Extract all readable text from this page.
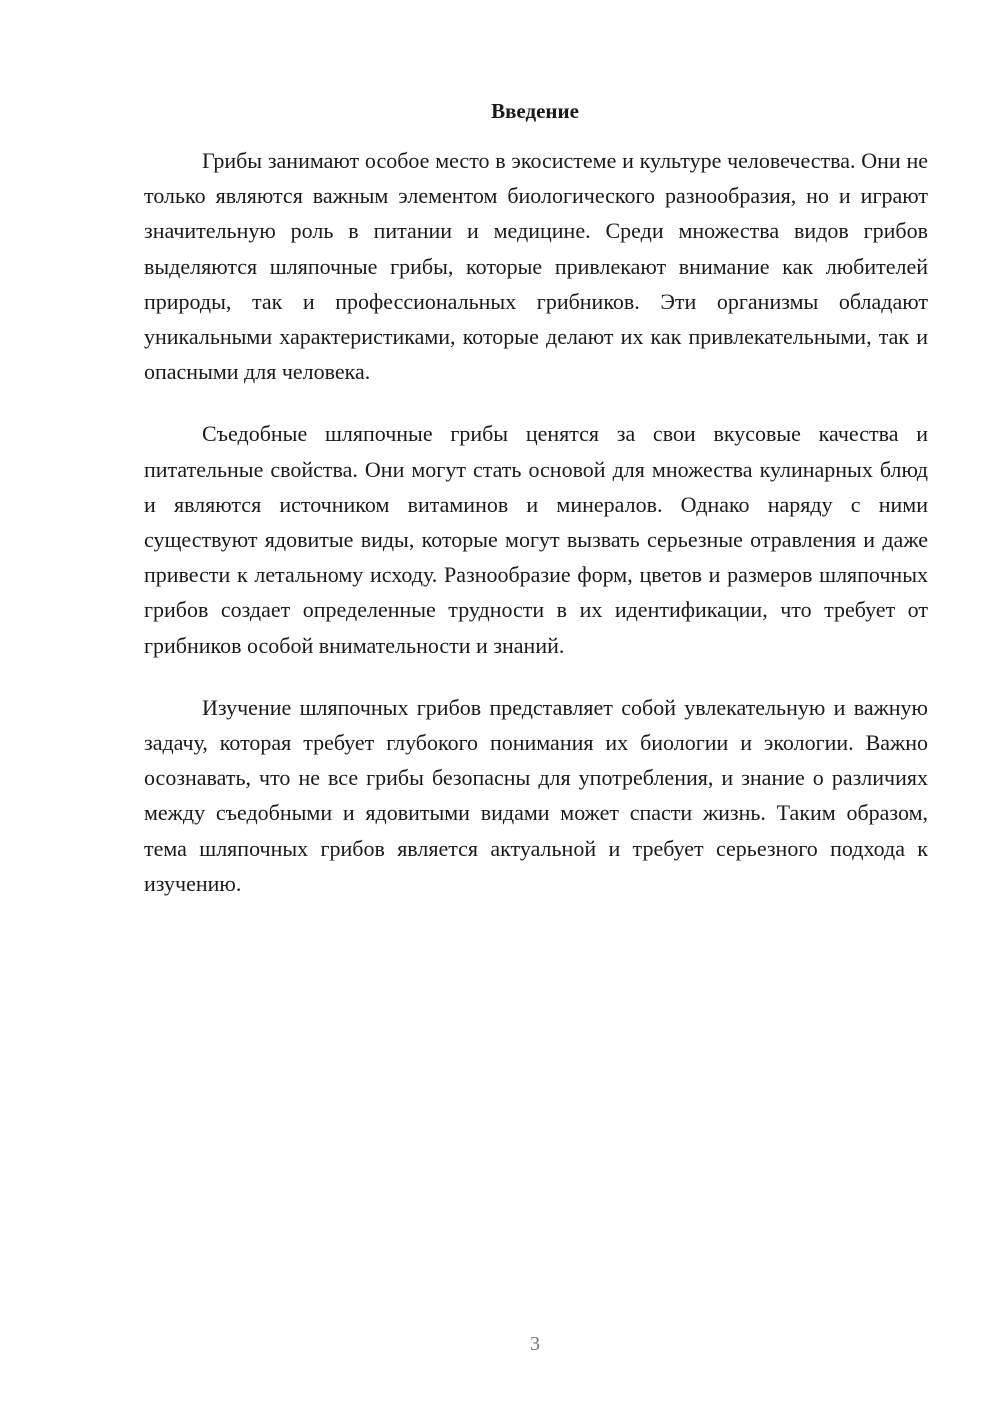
Введение

Грибы занимают особое место в экосистеме и культуре человечества. Они не только являются важным элементом биологического разнообразия, но и играют значительную роль в питании и медицине. Среди множества видов грибов выделяются шляпочные грибы, которые привлекают внимание как любителей природы, так и профессиональных грибников. Эти организмы обладают уникальными характеристиками, которые делают их как привлекательными, так и опасными для человека.

Съедобные шляпочные грибы ценятся за свои вкусовые качества и питательные свойства. Они могут стать основой для множества кулинарных блюд и являются источником витаминов и минералов. Однако наряду с ними существуют ядовитые виды, которые могут вызвать серьезные отравления и даже привести к летальному исходу. Разнообразие форм, цветов и размеров шляпочных грибов создает определенные трудности в их идентификации, что требует от грибников особой внимательности и знаний.

Изучение шляпочных грибов представляет собой увлекательную и важную задачу, которая требует глубокого понимания их биологии и экологии. Важно осознавать, что не все грибы безопасны для употребления, и знание о различиях между съедобными и ядовитыми видами может спасти жизнь. Таким образом, тема шляпочных грибов является актуальной и требует серьезного подхода к изучению.

3
